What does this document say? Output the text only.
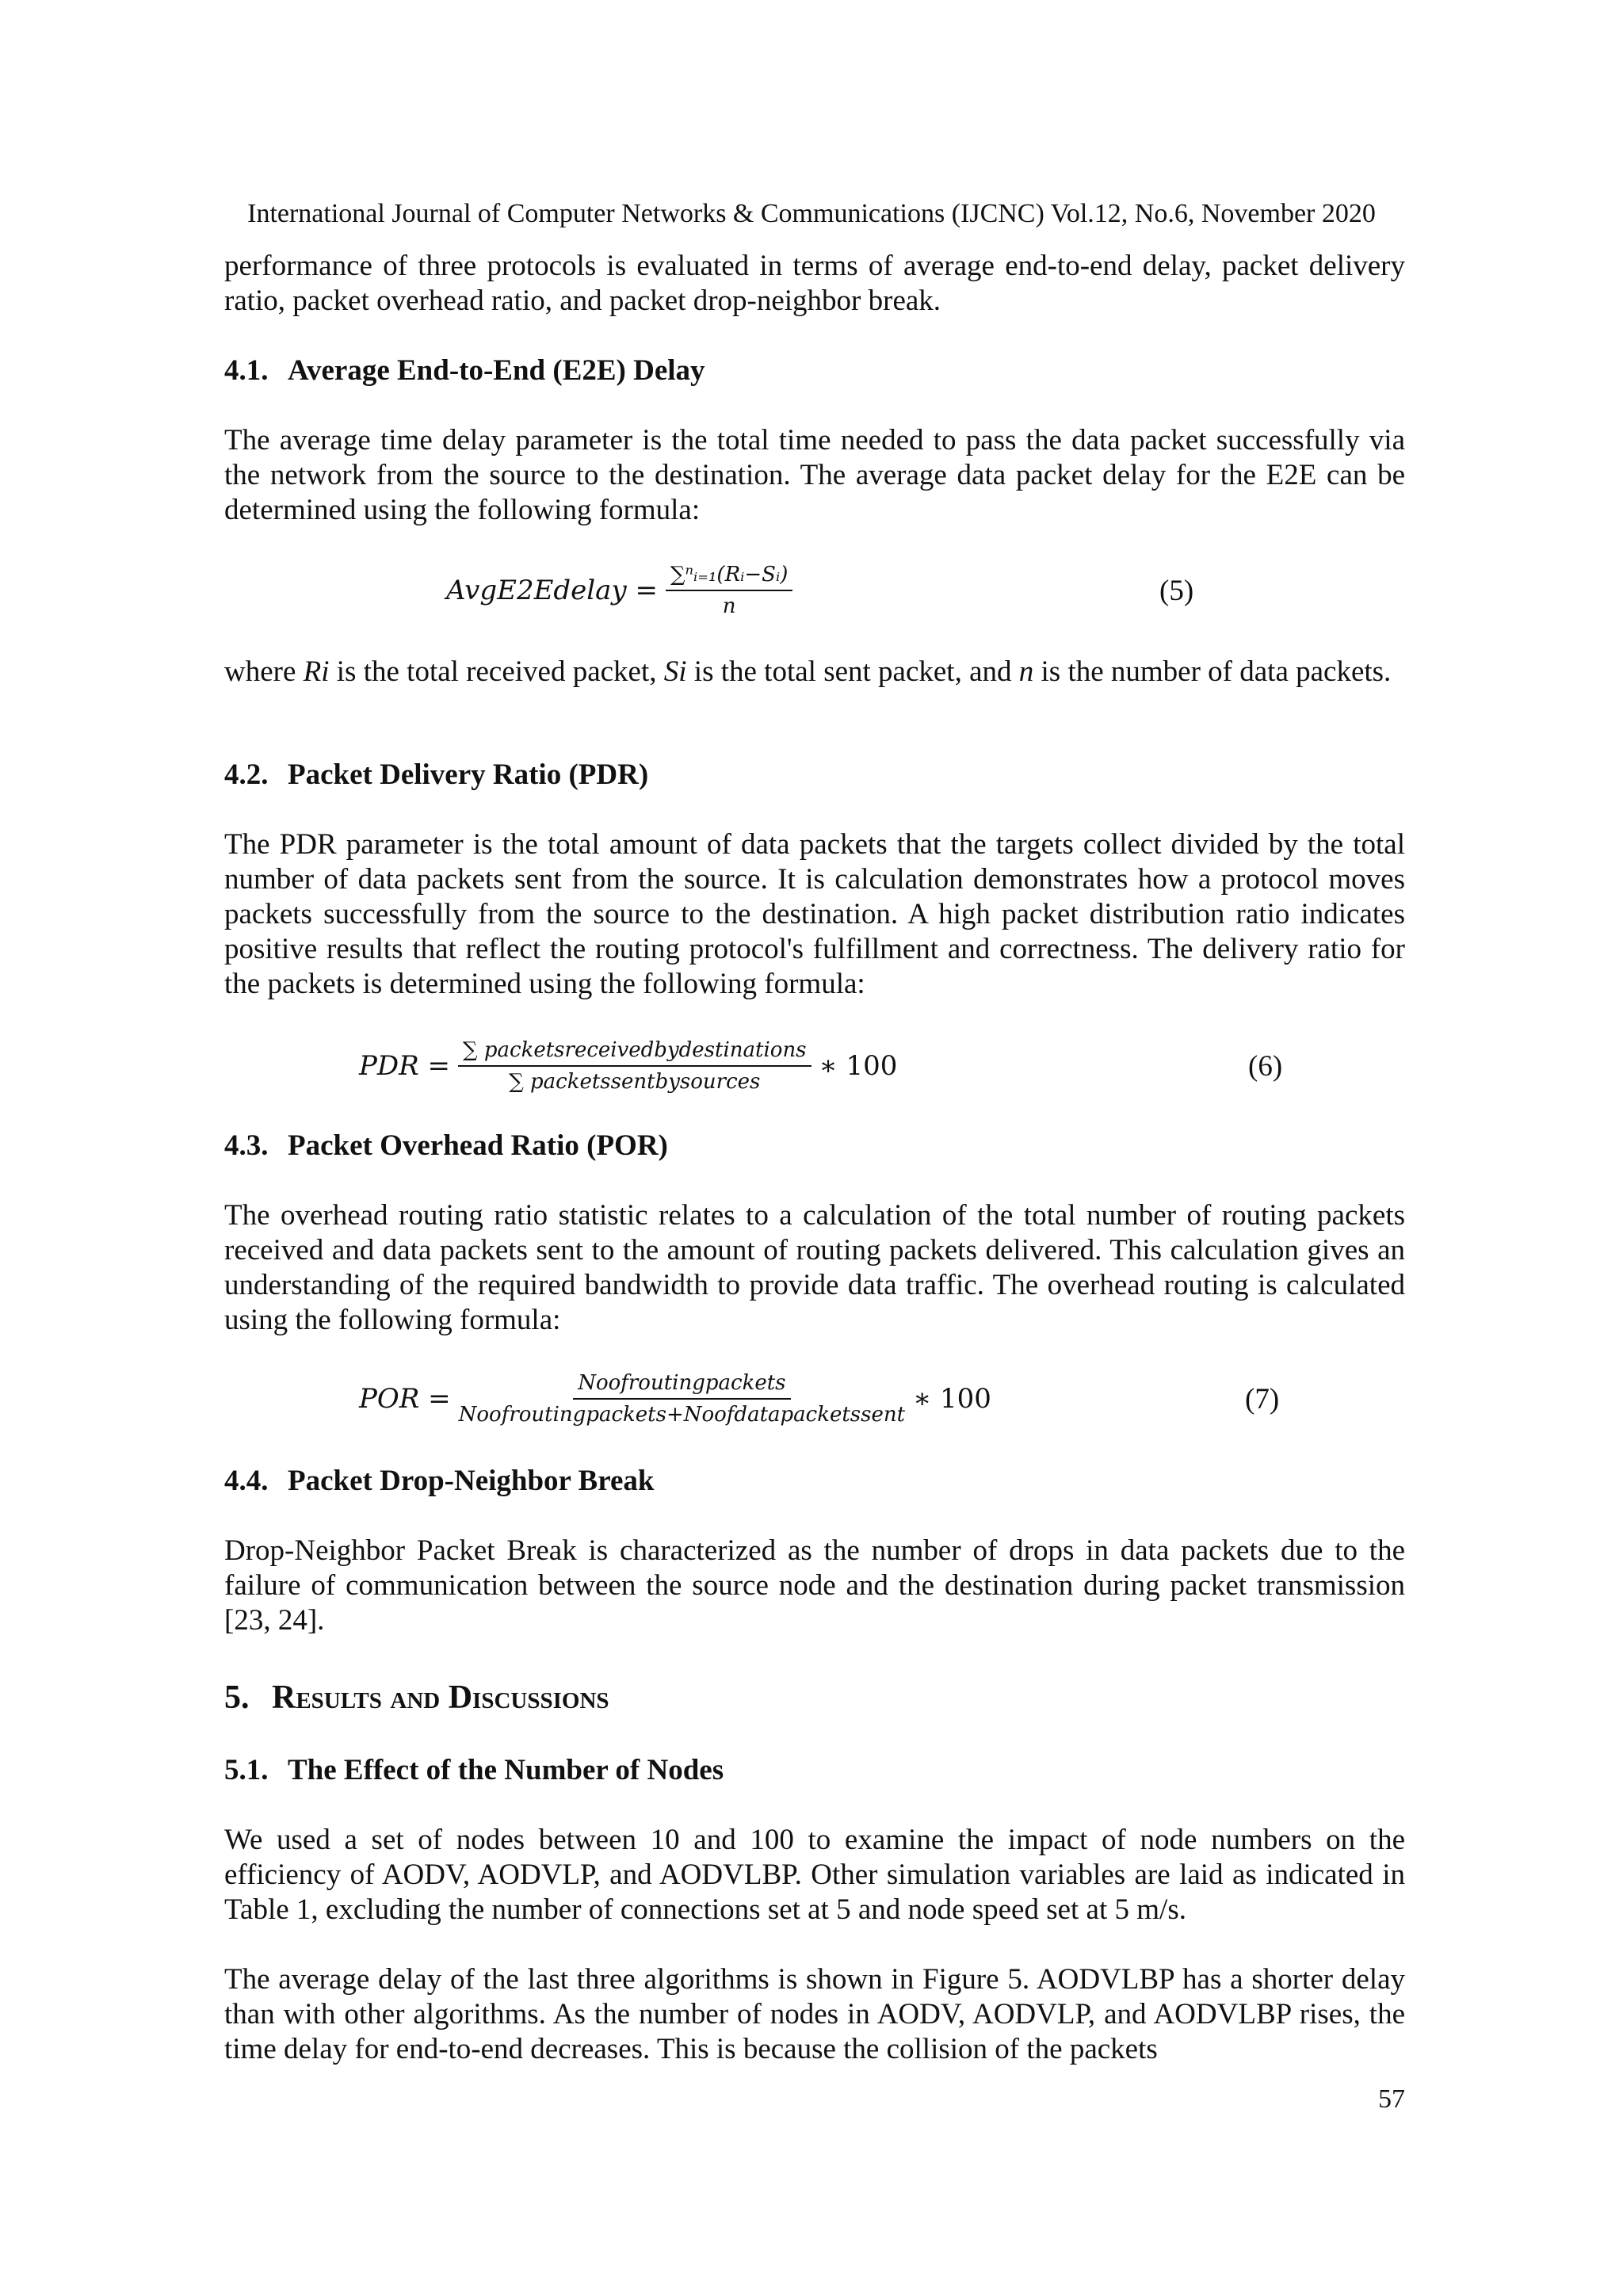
International Journal of Computer Networks & Communications (IJCNC) Vol.12, No.6, November 2020

performance of three protocols is evaluated in terms of average end-to-end delay, packet delivery ratio, packet overhead ratio, and packet drop-neighbor break.

4.1. Average End-to-End (E2E) Delay

The average time delay parameter is the total time needed to pass the data packet successfully via the network from the source to the destination. The average data packet delay for the E2E can be determined using the following formula:

AvgE2Edelay = $\frac{\text{∑ⁿᵢ₌₁(Rᵢ−Sᵢ)}}{n}$	(5)

where Ri is the total received packet, Si is the total sent packet, and n is the number of data packets.

4.2. Packet Delivery Ratio (PDR)

The PDR parameter is the total amount of data packets that the targets collect divided by the total number of data packets sent from the source. It is calculation demonstrates how a protocol moves packets successfully from the source to the destination. A high packet distribution ratio indicates positive results that reflect the routing protocol's fulfillment and correctness. The delivery ratio for the packets is determined using the following formula:

PDR = $\frac{\text{∑ packetsreceivedbydestinations}}{\text{∑ packetssentbysources}}$ ∗ 100	(6)
4.3. Packet Overhead Ratio (POR)

The overhead routing ratio statistic relates to a calculation of the total number of routing packets received and data packets sent to the amount of routing packets delivered. This calculation gives an understanding of the required bandwidth to provide data traffic. The overhead routing is calculated using the following formula:

POR = $\frac{\text{Noofroutingpackets}}{\text{Noofroutingpackets+Noofdatapacketssent}}$ ∗ 100	(7)
4.4. Packet Drop-Neighbor Break

Drop-Neighbor Packet Break is characterized as the number of drops in data packets due to the failure of communication between the source node and the destination during packet transmission [23, 24].

5. Results and Discussions
5.1. The Effect of the Number of Nodes

We used a set of nodes between 10 and 100 to examine the impact of node numbers on the efficiency of AODV, AODVLP, and AODVLBP. Other simulation variables are laid as indicated in Table 1, excluding the number of connections set at 5 and node speed set at 5 m/s.

The average delay of the last three algorithms is shown in Figure 5. AODVLBP has a shorter delay than with other algorithms. As the number of nodes in AODV, AODVLP, and AODVLBP rises, the time delay for end-to-end decreases. This is because the collision of the packets

57
